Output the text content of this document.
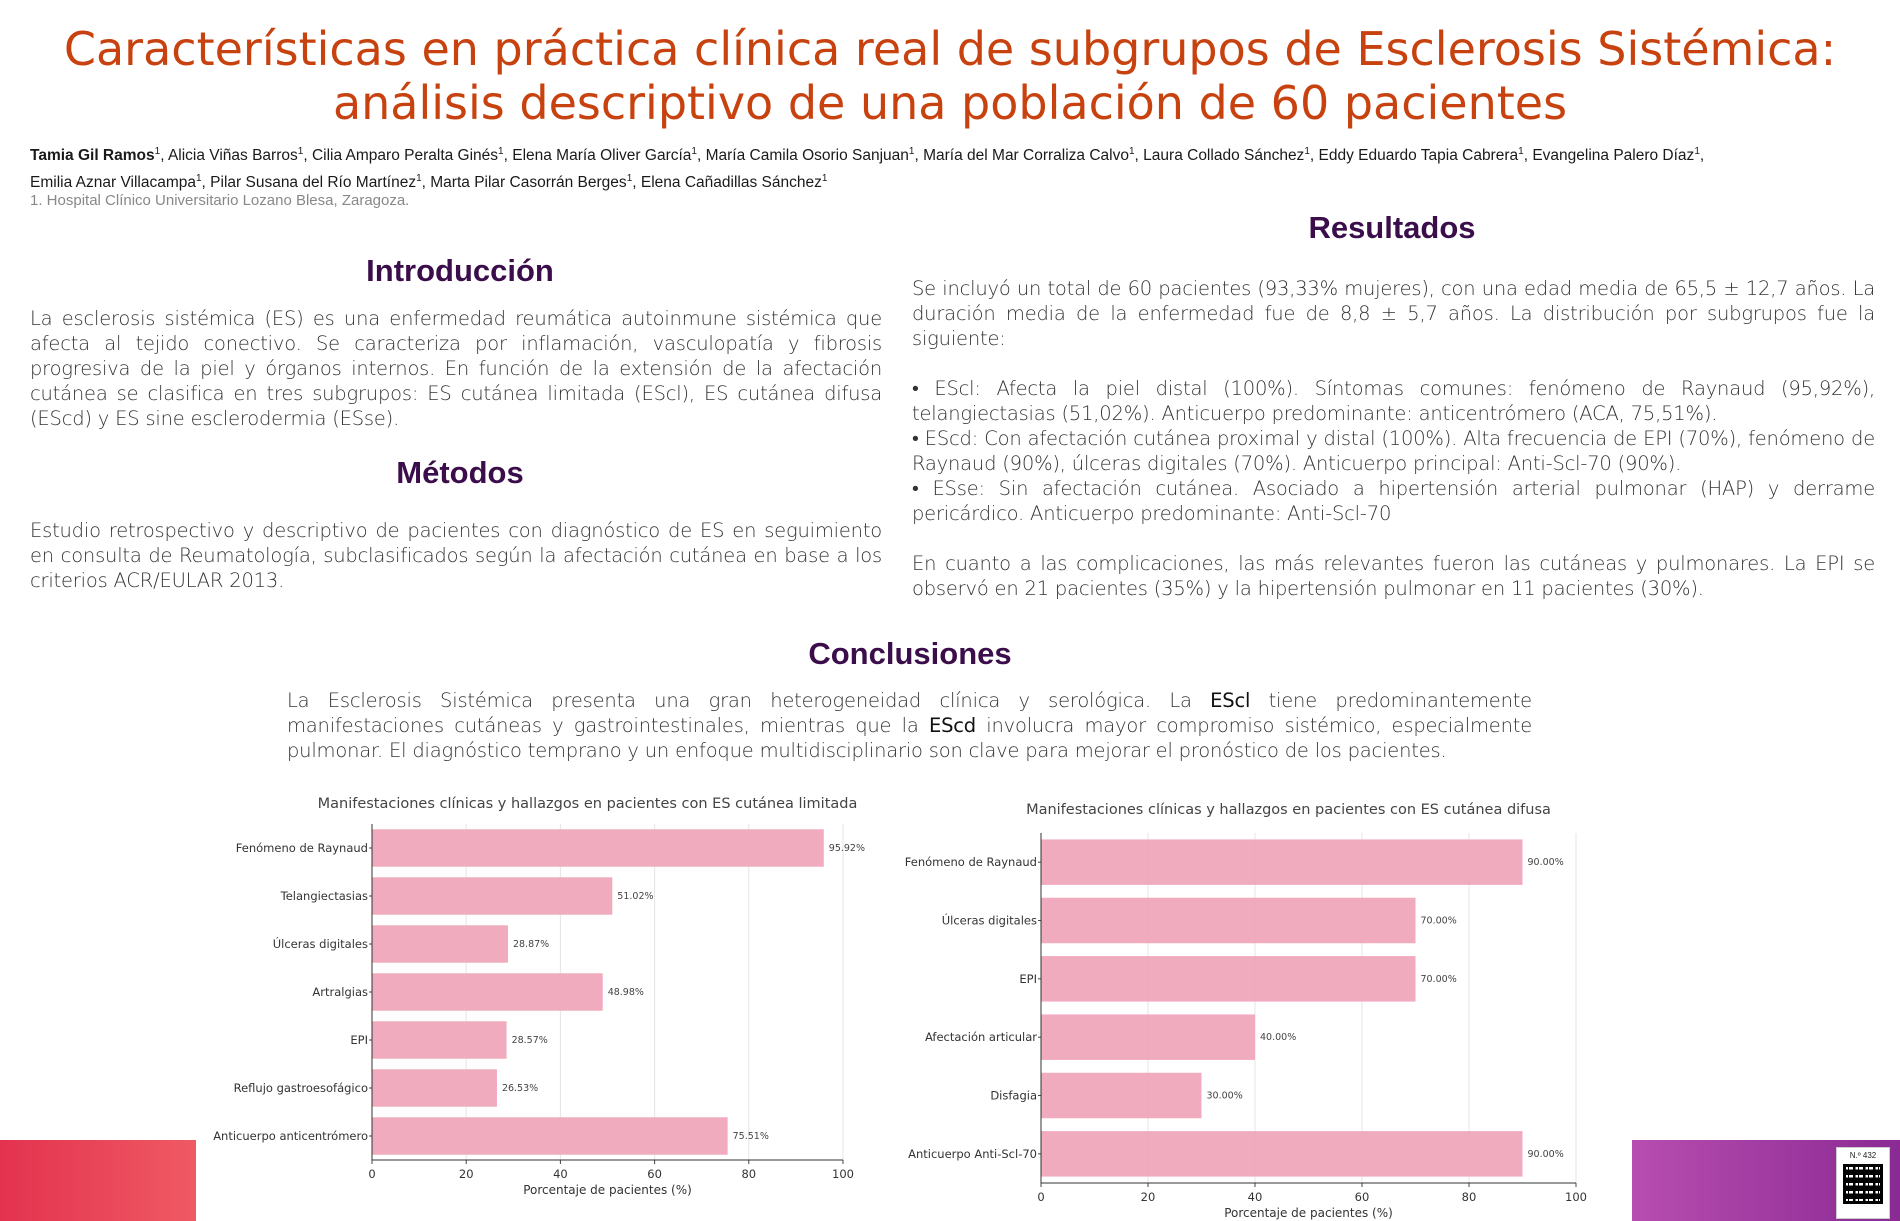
Características en práctica clínica real de subgrupos de Esclerosis Sistémica: análisis descriptivo de una población de 60 pacientes
Tamia Gil Ramos$^1$, Alicia Viñas Barros$^1$, Cilia Amparo Peralta Ginés$^1$, Elena María Oliver García$^1$, María Camila Osorio Sanjuan$^1$, María del Mar Corraliza Calvo$^1$, Laura Collado Sánchez$^1$, Eddy Eduardo Tapia Cabrera$^1$, Evangelina Palero Díaz$^1$,
Emilia Aznar Villacampa$^1$, Pilar Susana del Río Martínez$^1$, Marta Pilar Casorrán Berges$^1$, Elena Cañadillas Sánchez$^1$
1. Hospital Clínico Universitario Lozano Blesa, Zaragoza.
Introducción

La esclerosis sistémica (ES) es una enfermedad reumática autoinmune sistémica que afecta al tejido conectivo. Se caracteriza por inflamación, vasculopatía y fibrosis progresiva de la piel y órganos internos. En función de la extensión de la afectación cutánea se clasifica en tres subgrupos: ES cutánea limitada (EScl), ES cutánea difusa (EScd) y ES sine esclerodermia (ESse).

Métodos

Estudio retrospectivo y descriptivo de pacientes con diagnóstico de ES en seguimiento en consulta de Reumatología, subclasificados según la afectación cutánea en base a los criterios ACR/EULAR 2013.

Resultados

Se incluyó un total de 60 pacientes (93,33% mujeres), con una edad media de 65,5 ± 12,7 años. La duración media de la enfermedad fue de 8,8 ± 5,7 años. La distribución por subgrupos fue la siguiente:

• EScl: Afecta la piel distal (100%). Síntomas comunes: fenómeno de Raynaud (95,92%), telangiectasias (51,02%). Anticuerpo predominante: anticentrómero (ACA, 75,51%).

• EScd: Con afectación cutánea proximal y distal (100%). Alta frecuencia de EPI (70%), fenómeno de Raynaud (90%), úlceras digitales (70%). Anticuerpo principal: Anti-Scl-70 (90%).

• ESse: Sin afectación cutánea. Asociado a hipertensión arterial pulmonar (HAP) y derrame pericárdico. Anticuerpo predominante: Anti-Scl-70

En cuanto a las complicaciones, las más relevantes fueron las cutáneas y pulmonares. La EPI se observó en 21 pacientes (35%) y la hipertensión pulmonar en 11 pacientes (30%).

Conclusiones

La Esclerosis Sistémica presenta una gran heterogeneidad clínica y serológica. La EScl tiene predominantemente manifestaciones cutáneas y gastrointestinales, mientras que la EScd involucra mayor compromiso sistémico, especialmente pulmonar. El diagnóstico temprano y un enfoque multidisciplinario son clave para mejorar el pronóstico de los pacientes.

Manifestaciones clínicas y hallazgos en pacientes con ES cutánea limitada
0	20	40	60	80	100
Fenómeno de Raynaud	95.92%
Telangiectasias	51.02%
Úlceras digitales	28.87%
Artralgias	48.98%
EPI	28.57%
Reflujo gastroesofágico	26.53%
Anticuerpo anticentrómero	75.51%
Porcentaje de pacientes (%)
Manifestaciones clínicas y hallazgos en pacientes con ES cutánea difusa
0	20	40	60	80	100
Fenómeno de Raynaud	90.00%
Úlceras digitales	70.00%
EPI	70.00%
Afectación articular	40.00%
Disfagia	30.00%
Anticuerpo Anti-Scl-70	90.00%
Porcentaje de pacientes (%)
N.º 432
